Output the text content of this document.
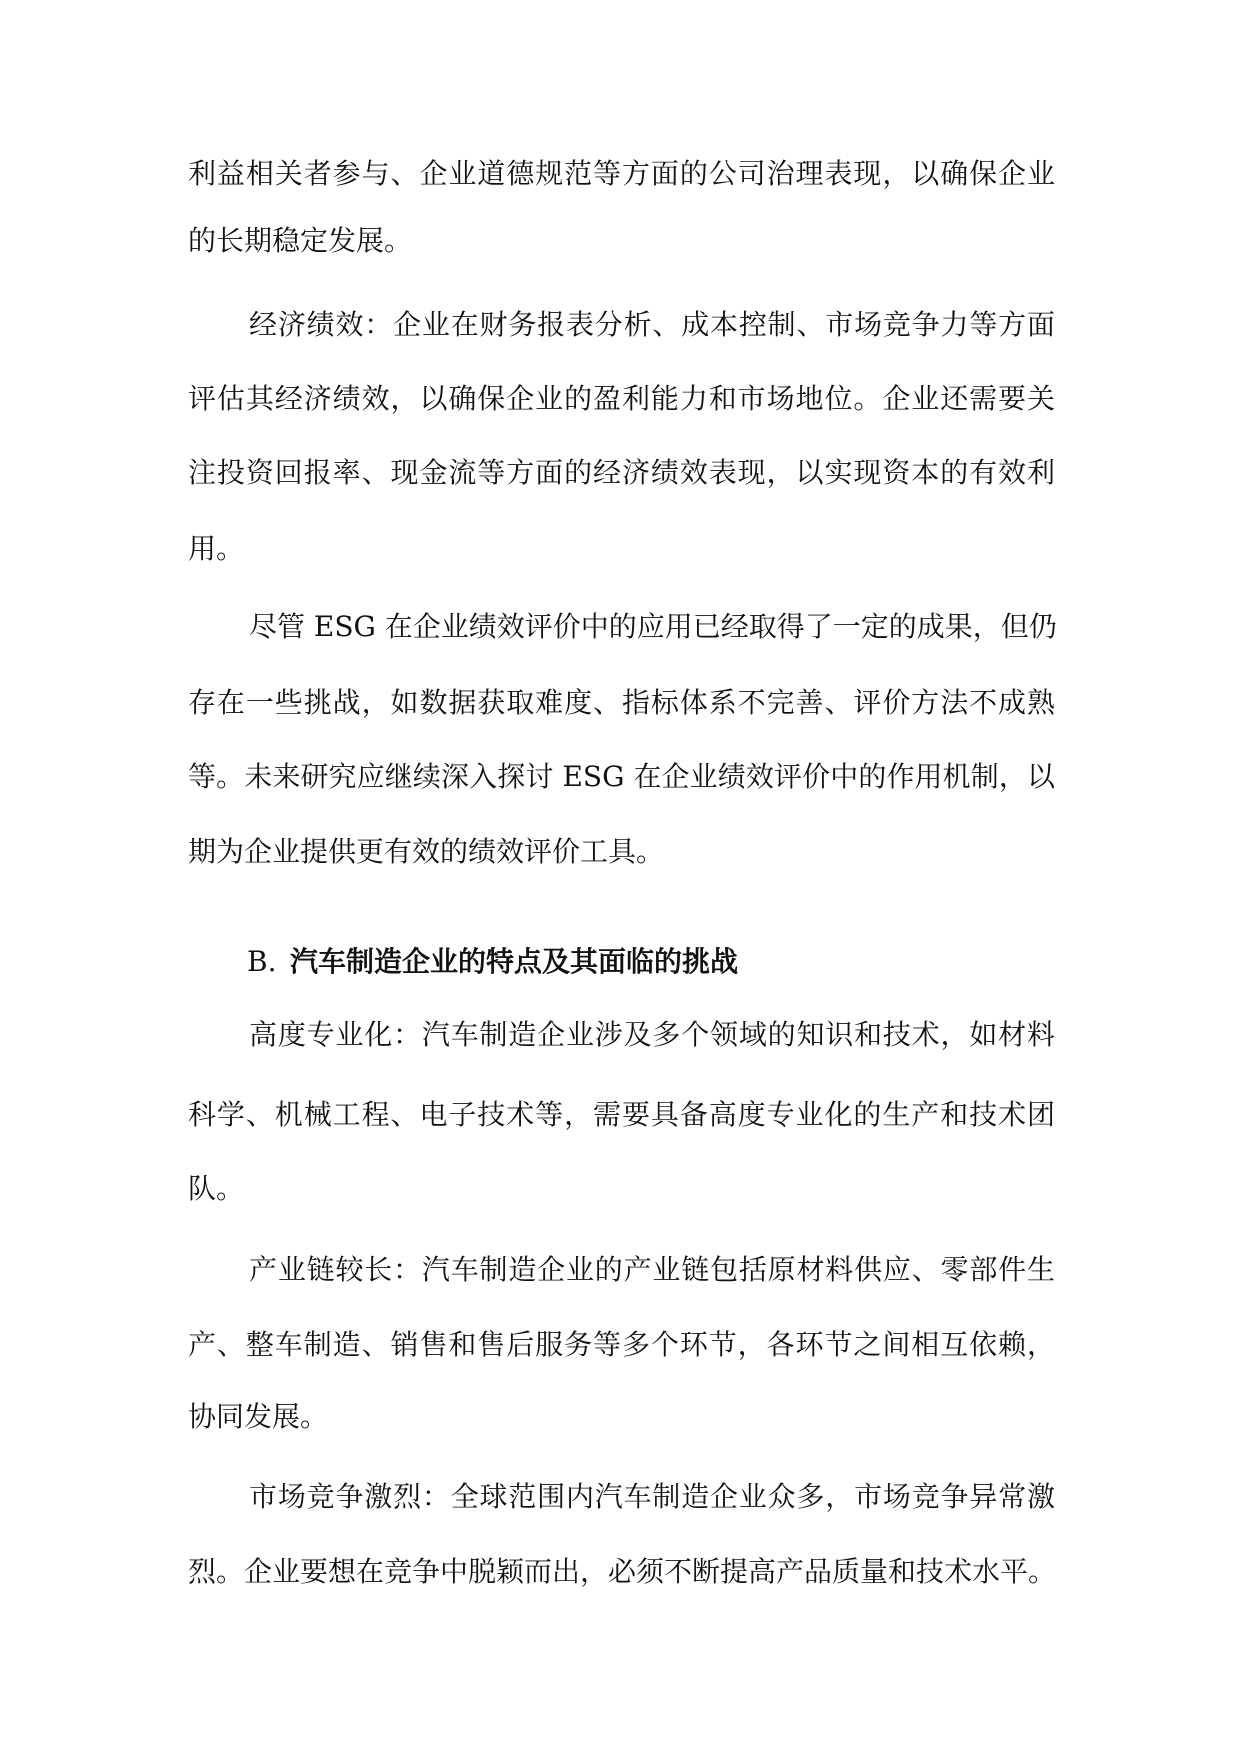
利益相关者参与、企业道德规范等方面的公司治理表现，以确保企业
的长期稳定发展。
经济绩效：企业在财务报表分析、成本控制、市场竞争力等方面
评估其经济绩效，以确保企业的盈利能力和市场地位。企业还需要关
注投资回报率、现金流等方面的经济绩效表现，以实现资本的有效利
用。
尽管 ESG 在企业绩效评价中的应用已经取得了一定的成果，但仍
存在一些挑战，如数据获取难度、指标体系不完善、评价方法不成熟
等。未来研究应继续深入探讨 ESG 在企业绩效评价中的作用机制，以
期为企业提供更有效的绩效评价工具。
B. 汽车制造企业的特点及其面临的挑战
高度专业化：汽车制造企业涉及多个领域的知识和技术，如材料
科学、机械工程、电子技术等，需要具备高度专业化的生产和技术团
队。
产业链较长：汽车制造企业的产业链包括原材料供应、零部件生
产、整车制造、销售和售后服务等多个环节，各环节之间相互依赖，
协同发展。
市场竞争激烈：全球范围内汽车制造企业众多，市场竞争异常激
烈。企业要想在竞争中脱颖而出，必须不断提高产品质量和技术水平。
